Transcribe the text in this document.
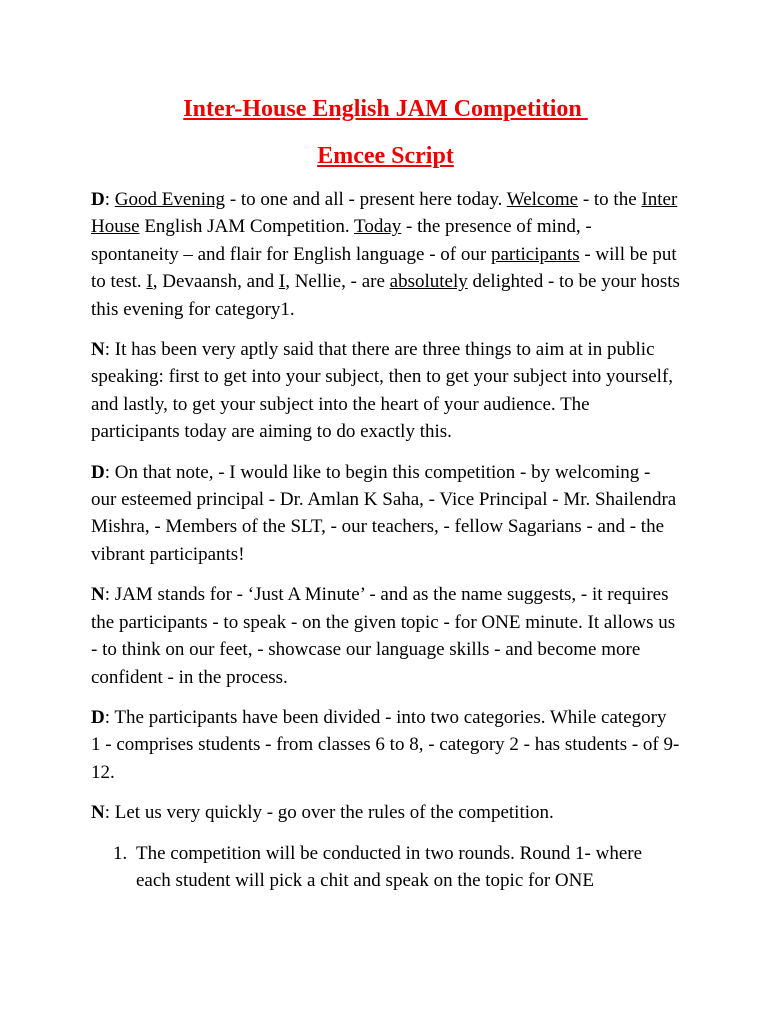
Inter-House English JAM Competition
Emcee Script

D: Good Evening - to one and all - present here today. Welcome - to the Inter House English JAM Competition. Today - the presence of mind, - spontaneity – and flair for English language - of our participants - will be put to test. I, Devaansh, and I, Nellie, - are absolutely delighted - to be your hosts this evening for category1.

N: It has been very aptly said that there are three things to aim at in public speaking: first to get into your subject, then to get your subject into yourself, and lastly, to get your subject into the heart of your audience. The participants today are aiming to do exactly this.

D: On that note, - I would like to begin this competition - by welcoming - our esteemed principal - Dr. Amlan K Saha, - Vice Principal - Mr. Shailendra Mishra, - Members of the SLT, - our teachers, - fellow Sagarians - and - the vibrant participants!

N: JAM stands for - ‘Just A Minute’ - and as the name suggests, - it requires the participants - to speak - on the given topic - for ONE minute. It allows us - to think on our feet, - showcase our language skills - and become more confident - in the process.

D: The participants have been divided - into two categories. While category 1 - comprises students - from classes 6 to 8, - category 2 - has students - of 9-12.

N: Let us very quickly - go over the rules of the competition.

1. The competition will be conducted in two rounds. Round 1- where each student will pick a chit and speak on the topic for ONE
